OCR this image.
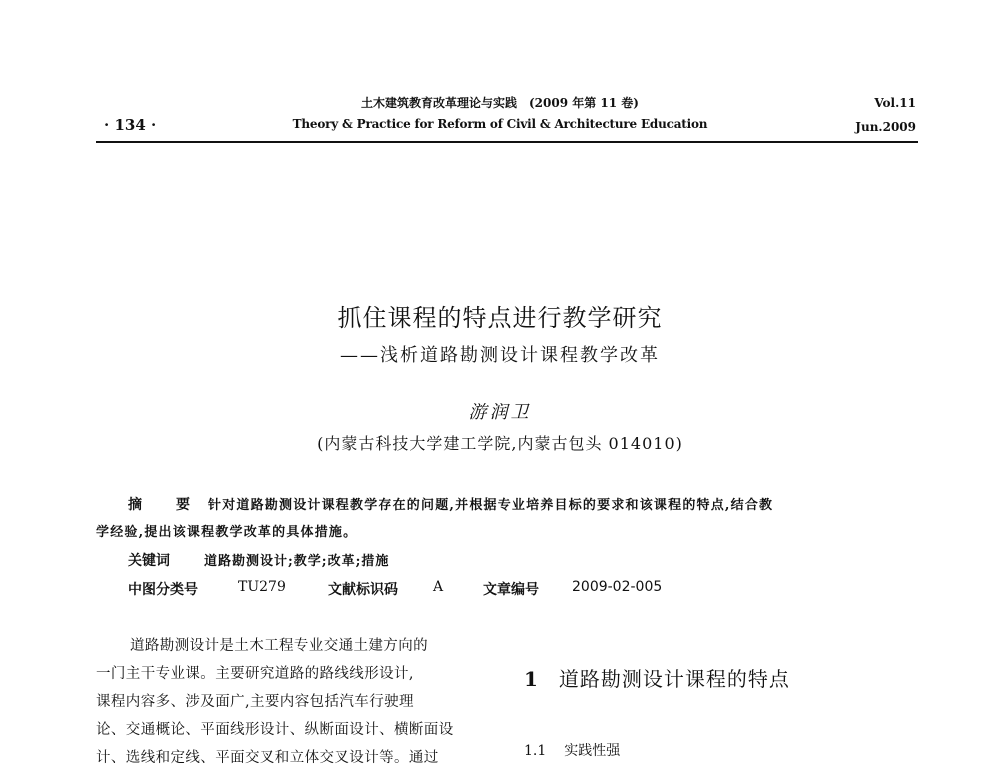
· 134 ·
土木建筑教育改革理论与实践　(2009 年第 11 卷)
Theory & Practice for Reform of Civil & Architecture Education
Vol.11
Jun.2009
抓住课程的特点进行教学研究
——浅析道路勘测设计课程教学改革
游润卫
(内蒙古科技大学建工学院,内蒙古包头 014010)
摘　要 针对道路勘测设计课程教学存在的问题,并根据专业培养目标的要求和该课程的特点,结合教
学经验,提出该课程教学改革的具体措施。
关键词	道路勘测设计;教学;改革;措施
中图分类号	TU279	文献标识码	A	文章编号 2009-02-005
道路勘测设计是土木工程专业交通土建方向的
一门主干专业课。主要研究道路的路线线形设计,
课程内容多、涉及面广,主要内容包括汽车行驶理
论、交通概论、平面线形设计、纵断面设计、横断面设
计、选线和定线、平面交叉和立体交叉设计等。通过
1 道路勘测设计课程的特点
1.1 实践性强
